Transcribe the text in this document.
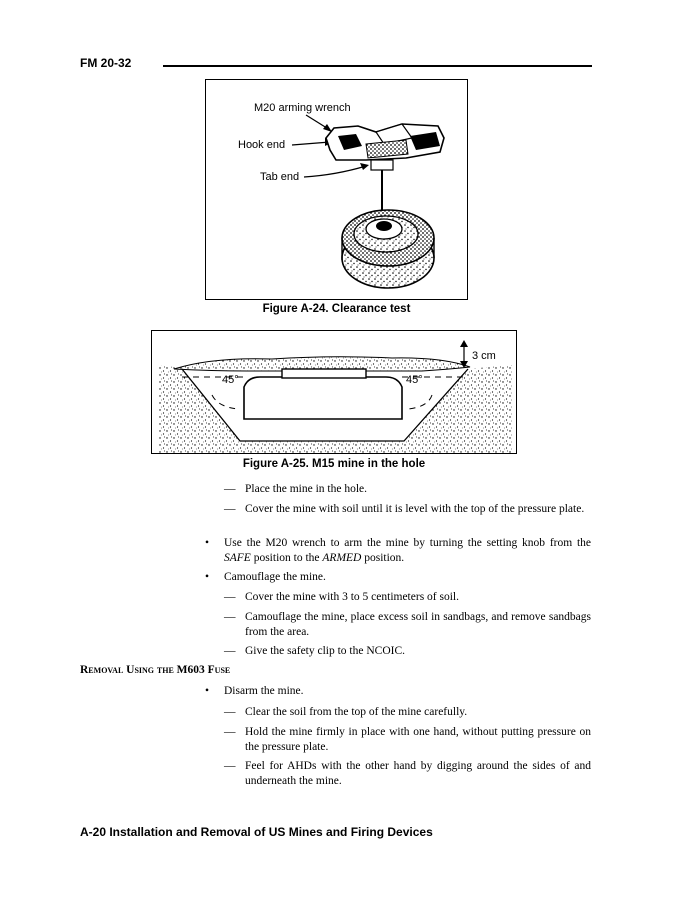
FM 20-32
M20 arming wrench
Hook end
Tab end
Figure A-24. Clearance test
3 cm
45°	45°
Figure A-25. M15 mine in the hole
— Place the mine in the hole.
— Cover the mine with soil until it is level with the top of the pressure plate.
• Use the M20 wrench to arm the mine by turning the setting knob from the SAFE position to the ARMED position.
• Camouflage the mine.
— Cover the mine with 3 to 5 centimeters of soil.
— Camouflage the mine, place excess soil in sandbags, and remove sandbags from the area.
— Give the safety clip to the NCOIC.
Removal Using the M603 Fuse
• Disarm the mine.
— Clear the soil from the top of the mine carefully.
— Hold the mine firmly in place with one hand, without putting pressure on the pressure plate.
— Feel for AHDs with the other hand by digging around the sides of and underneath the mine.
A-20 Installation and Removal of US Mines and Firing Devices
